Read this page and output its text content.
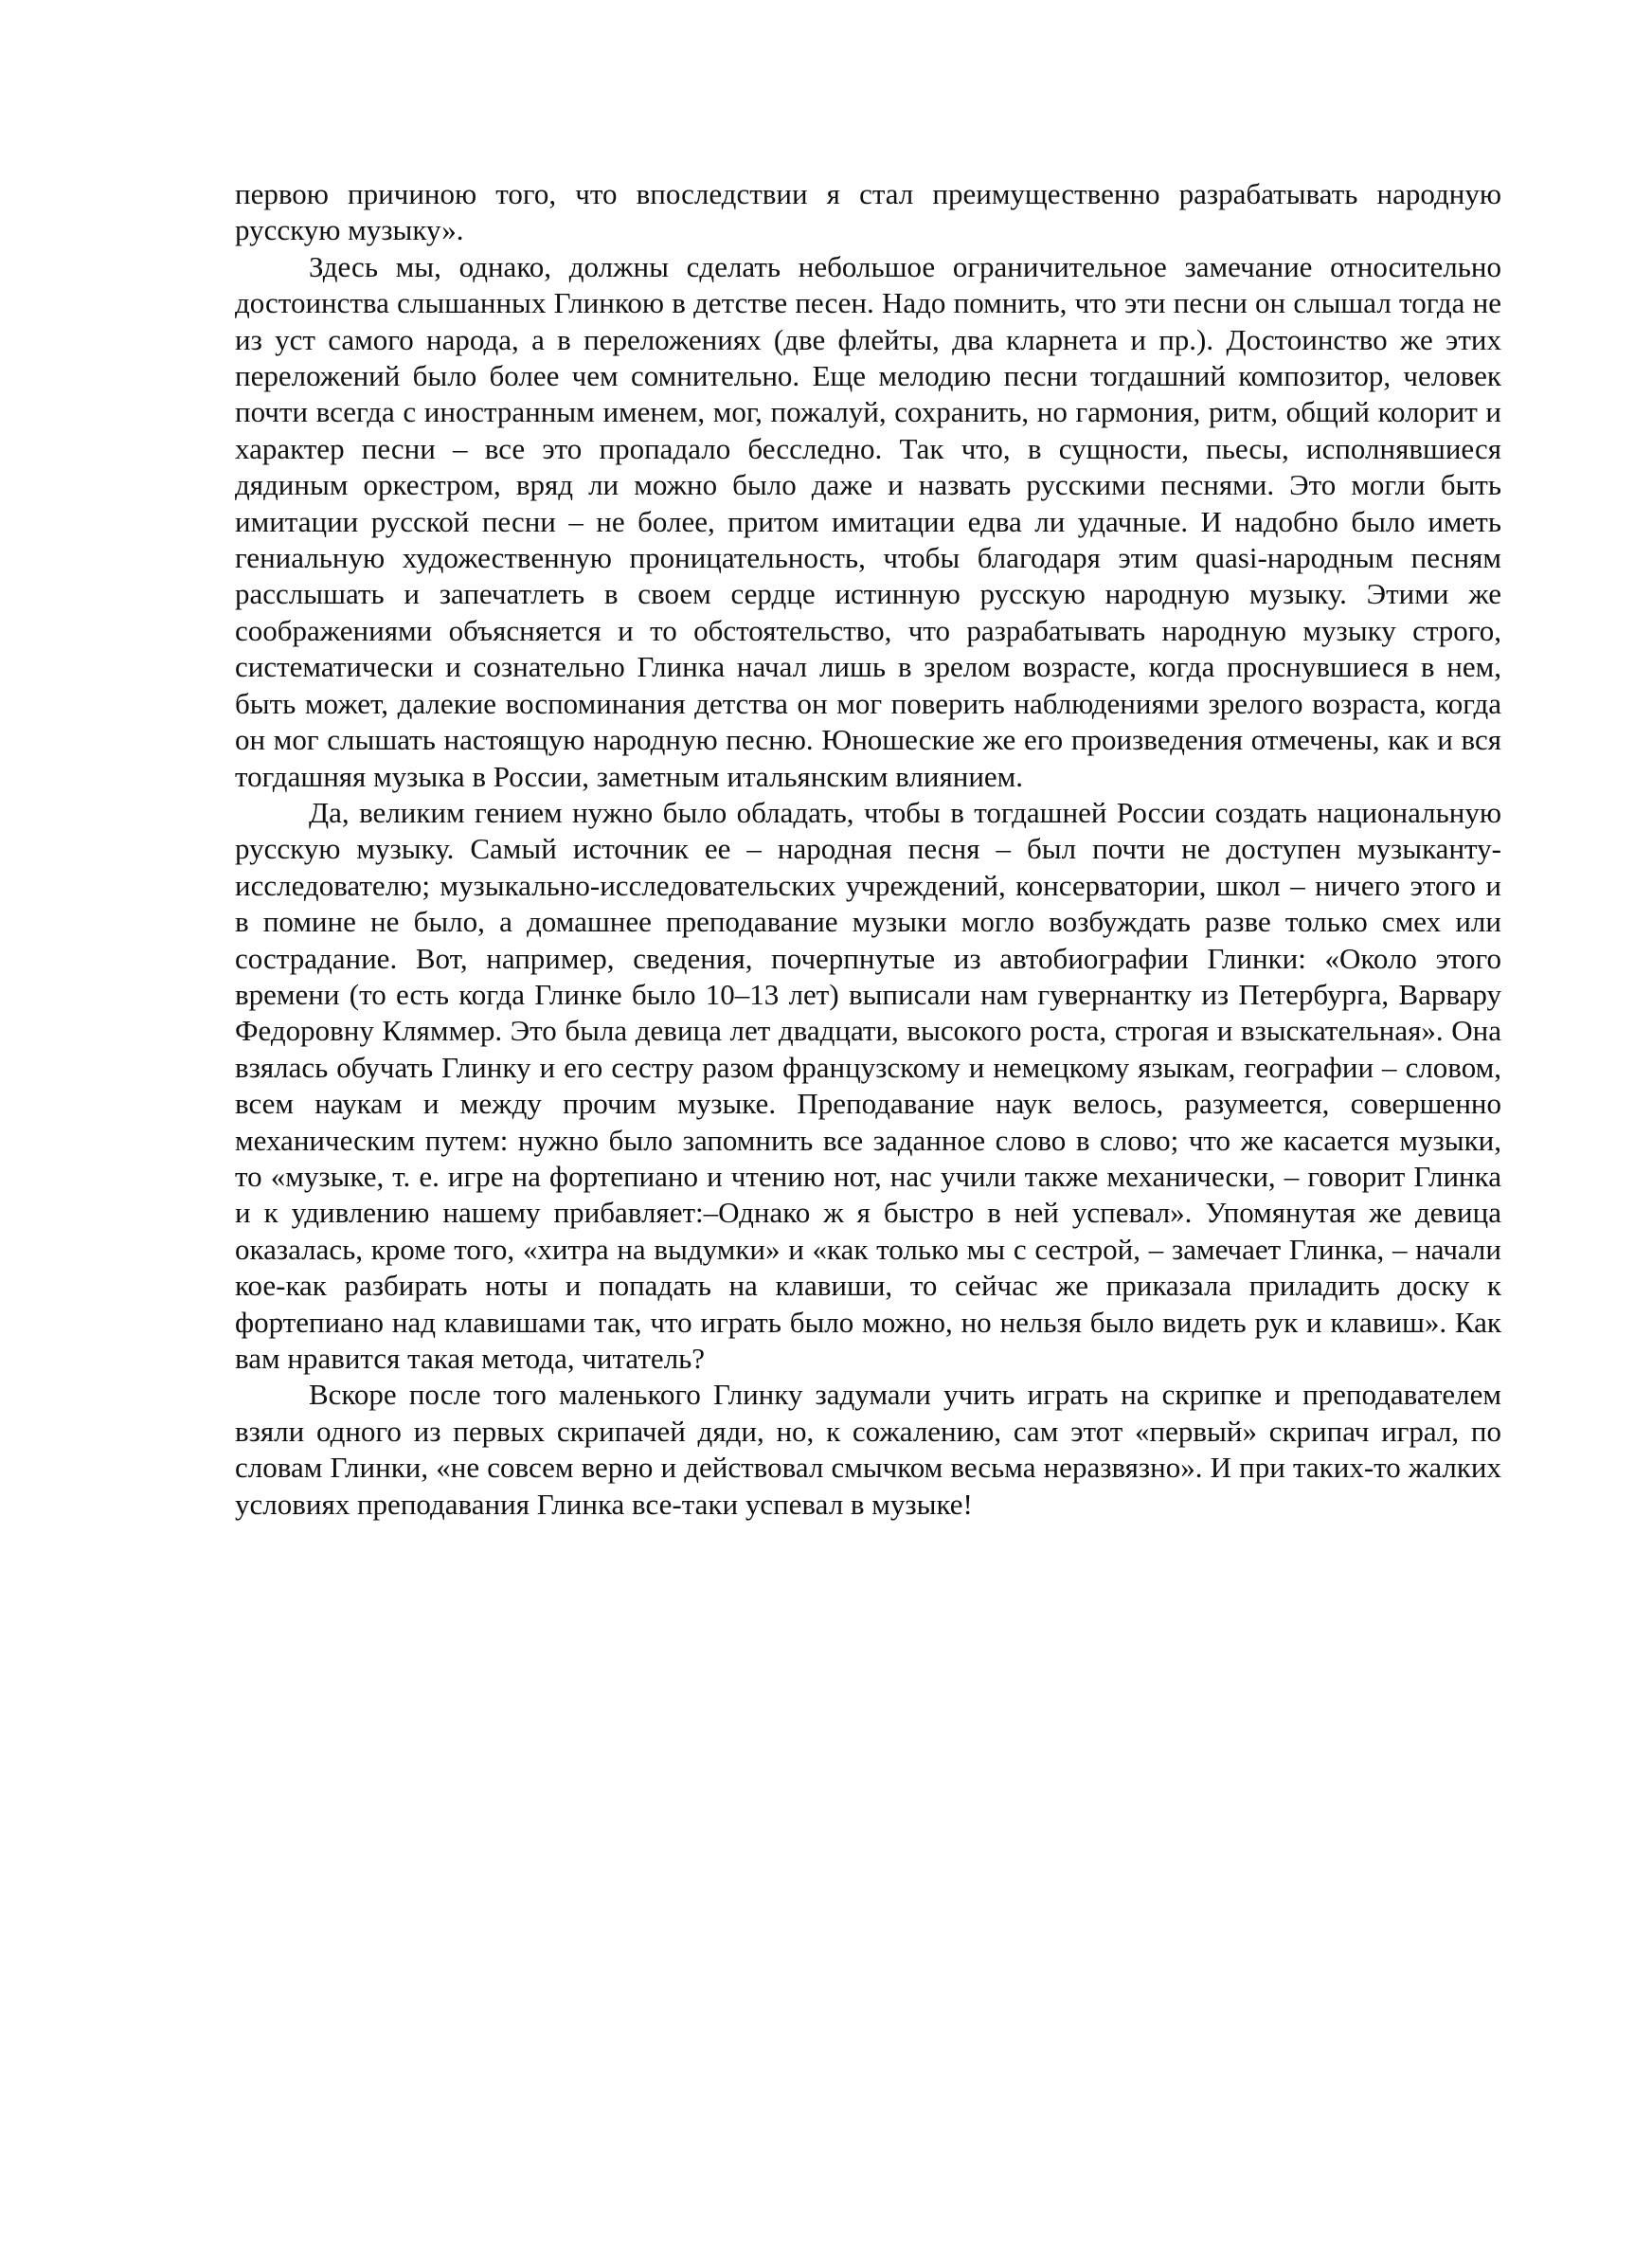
первою причиною того, что впоследствии я стал преимущественно разрабатывать народную русскую музыку».

Здесь мы, однако, должны сделать небольшое ограничительное замечание относительно достоинства слышанных Глинкою в детстве песен. Надо помнить, что эти песни он слышал тогда не из уст самого народа, а в переложениях (две флейты, два кларнета и пр.). Достоинство же этих переложений было более чем сомнительно. Еще мелодию песни тогдашний композитор, человек почти всегда с иностранным именем, мог, пожалуй, сохранить, но гармония, ритм, общий колорит и характер песни – все это пропадало бесследно. Так что, в сущности, пьесы, исполнявшиеся дядиным оркестром, вряд ли можно было даже и назвать русскими песнями. Это могли быть имитации русской песни – не более, притом имитации едва ли удачные. И надобно было иметь гениальную художественную проницательность, чтобы благодаря этим quasi-народным песням расслышать и запечатлеть в своем сердце истинную русскую народную музыку. Этими же соображениями объясняется и то обстоятельство, что разрабатывать народную музыку строго, систематически и сознательно Глинка начал лишь в зрелом возрасте, когда проснувшиеся в нем, быть может, далекие воспоминания детства он мог поверить наблюдениями зрелого возраста, когда он мог слышать настоящую народную песню. Юношеские же его произведения отмечены, как и вся тогдашняя музыка в России, заметным итальянским влиянием.

Да, великим гением нужно было обладать, чтобы в тогдашней России создать национальную русскую музыку. Самый источник ее – народная песня – был почти не доступен музыканту-исследователю; музыкально-исследовательских учреждений, консерватории, школ – ничего этого и в помине не было, а домашнее преподавание музыки могло возбуждать разве только смех или сострадание. Вот, например, сведения, почерпнутые из автобиографии Глинки: «Около этого времени (то есть когда Глинке было 10–13 лет) выписали нам гувернантку из Петербурга, Варвару Федоровну Кляммер. Это была девица лет двадцати, высокого роста, строгая и взыскательная». Она взялась обучать Глинку и его сестру разом французскому и немецкому языкам, географии – словом, всем наукам и между прочим музыке. Преподавание наук велось, разумеется, совершенно механическим путем: нужно было запомнить все заданное слово в слово; что же касается музыки, то «музыке, т. е. игре на фортепиано и чтению нот, нас учили также механически, – говорит Глинка и к удивлению нашему прибавляет:–Однако ж я быстро в ней успевал». Упомянутая же девица оказалась, кроме того, «хитра на выдумки» и «как только мы с сестрой, – замечает Глинка, – начали кое-как разбирать ноты и попадать на клавиши, то сейчас же приказала приладить доску к фортепиано над клавишами так, что играть было можно, но нельзя было видеть рук и клавиш». Как вам нравится такая метода, читатель?

Вскоре после того маленького Глинку задумали учить играть на скрипке и преподавателем взяли одного из первых скрипачей дяди, но, к сожалению, сам этот «первый» скрипач играл, по словам Глинки, «не совсем верно и действовал смычком весьма неразвязно». И при таких-то жалких условиях преподавания Глинка все-таки успевал в музыке!
